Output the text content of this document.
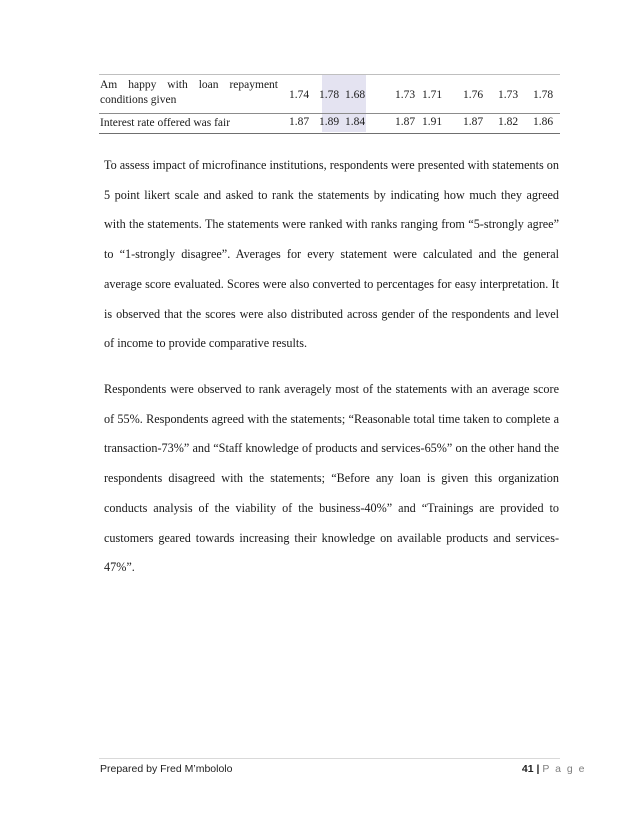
Am happy with loan repayment
conditions given	1.74 1.78 1.68	1.73 1.71 1.76 1.73 1.78
Interest rate offered was fair	1.87 1.89 1.84	1.87 1.91 1.87 1.82 1.86

To assess impact of microfinance institutions, respondents were presented with statements on 5 point likert scale and asked to rank the statements by indicating how much they agreed with the statements. The statements were ranked with ranks ranging from “5-strongly agree” to “1-strongly disagree”. Averages for every statement were calculated and the general average score evaluated. Scores were also converted to percentages for easy interpretation. It is observed that the scores were also distributed across gender of the respondents and level of income to provide comparative results.

Respondents were observed to rank averagely most of the statements with an average score of 55%. Respondents agreed with the statements; “Reasonable total time taken to complete a transaction-73%” and “Staff knowledge of products and services-65%” on the other hand the respondents disagreed with the statements; “Before any loan is given this organization conducts analysis of the viability of the business-40%” and “Trainings are provided to customers geared towards increasing their knowledge on available products and services-47%”.

Prepared by Fred M’mbololo	41 | P a g e
